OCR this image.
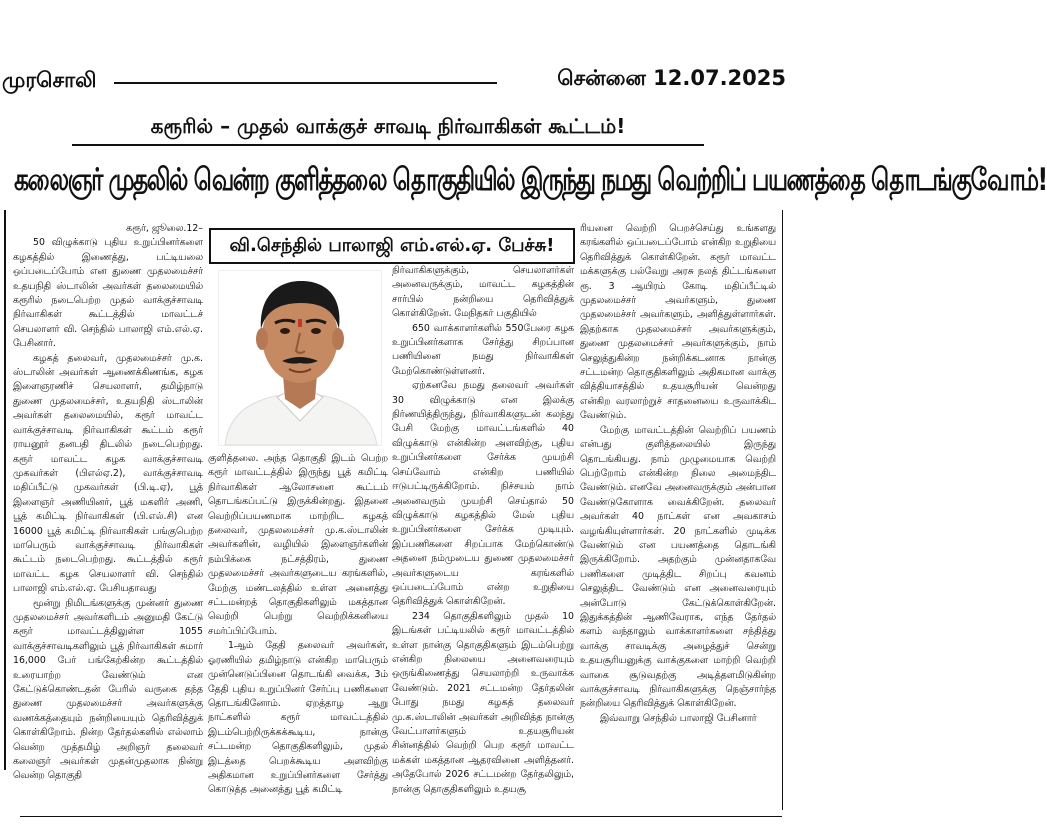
முரசொலி	சென்னை 12.07.2025
கரூரில் – முதல் வாக்குச் சாவடி நிர்வாகிகள் கூட்டம்!
கலைஞர் முதலில் வென்ற குளித்தலை தொகுதியில் இருந்து நமது வெற்றிப் பயணத்தை தொடங்குவோம்!

கரூர், ஜூலை.12–

50 விழுக்காடு புதிய உறுப்பினர்களை கழகத்தில் இணைத்து, பட்டியலை ஒப்படைப்போம் என துணை முதலமைச்சர் உதயநிதி ஸ்டாலின் அவர்கள் தலைமையில் கரூரில் நடைபெற்ற முதல் வாக்குச்சாவடி நிர்வாகிகள் கூட்டத்தில் மாவட்டச் செயலாளர் வி. செந்தில் பாலாஜி எம்.எல்.ஏ. பேசினார்.

கழகத் தலைவர், முதலமைச்சர் மு.க. ஸ்டாலின் அவர்கள் ஆணைக்கிணங்க, கழக இளைஞரணிச் செயலாளர், தமிழ்நாடு துணை முதலமைச்சர், உதயநிதி ஸ்டாலின் அவர்கள் தலைமையில், கரூர் மாவட்ட வாக்குச்சாவடி நிர்வாகிகள் கூட்டம் கரூர் ராயனூர் தனபதி திடலில் நடைபெற்றது. கரூர் மாவட்ட கழக வாக்குச்சாவடி முகவர்கள் (பிஎல்ஏ.2), வாக்குச்சாவடி மதிப்பீட்டு முகவர்கள் (பி.டி.ஏ), பூத் இளைஞர் அணியினர், பூத் மகளிர் அணி, பூத் கமிட்டி நிர்வாகிகள் (பி.எல்.சி) என 16000 பூத் கமிட்டி நிர்வாகிகள் பங்குபெற்ற மாபெரும் வாக்குச்சாவடி நிர்வாகிகள் கூட்டம் நடைபெற்றது. கூட்டத்தில் கரூர் மாவட்ட கழக செயலாளர் வி. செந்தில் பாலாஜி எம்.எல்.ஏ. பேசியதாவது

மூன்று நிமிடங்களுக்கு முன்னர் துணை முதலமைச்சர் அவர்களிடம் அனுமதி கேட்டு கரூர் மாவட்டத்திலுள்ள 1055 வாக்குச்சாவடிகளிலும் பூத் நிர்வாகிகள் சுமார் 16,000 பேர் பங்கேற்கின்ற கூட்டத்தில் உரையாற்ற வேண்டும் என கேட்டுக்கொண்டதன் பேரில் வருகை தந்த துணை முதலமைச்சர் அவர்களுக்கு வணக்கத்தையும் நன்றியையும் தெரிவித்துக் கொள்கிறோம். நின்ற தேர்தல்களில் எல்லாம் வென்ற முத்தமிழ் அறிஞர் தலைவர் கலைஞர் அவர்கள் முதன்முதலாக நின்று வென்ற தொகுதி

வி.செந்தில் பாலாஜி எம்.எல்.ஏ. பேச்சு!

குளித்தலை. அந்த தொகுதி இடம் பெற்ற கரூர் மாவட்டத்தில் இருந்து பூத் கமிட்டி நிர்வாகிகள் ஆலோசனை கூட்டம் தொடங்கப்பட்டு இருக்கின்றது. இதனை வெற்றிப்பயணமாக மாற்றிட கழகத் தலைவர், முதலமைச்சர் மு.க.ஸ்டாலின் அவர்களின், வழியில் இளைஞர்களின் நம்பிக்கை நட்சத்திரம், துணை முதலமைச்சர் அவர்களுடைய கரங்களில், மேற்கு மண்டலத்தில் உள்ள அனைத்து சட்டமன்றத் தொகுதிகளிலும் மகத்தான வெற்றி பெற்று வெற்றிக்கனியை சமர்ப்பிப்போம்.

1ஆம் தேதி தலைவர் அவர்கள், ஓரணியில் தமிழ்நாடு என்கிற மாபெரும் முன்னெடுப்பினை தொடங்கி வைக்க, 3ம் தேதி புதிய உறுப்பினர் சேர்ப்பு பணிகளை தொடங்கினோம். ஏறத்தாழ ஆறு நாட்களில் கரூர் மாவட்டத்தில் இடம்பெற்றிருக்கக்கூடிய, நான்கு சட்டமன்ற தொகுதிகளிலும், முதல் இடத்தை பெறக்கூடிய அளவிற்கு அதிகமான உறுப்பினர்களை சேர்த்து கொடுத்த அனைத்து பூத் கமிட்டி

நிர்வாகிகளுக்கும், செயலாளர்கள் அனைவருக்கும், மாவட்ட கழகத்தின் சார்பில் நன்றியை தெரிவித்துக் கொள்கிறேன். மேநிதகர் பகுதியில்

650 வாக்காளர்களில் 550பேரை கழக உறுப்பினர்களாக சேர்த்து சிறப்பான பணியினை நமது நிர்வாகிகள் மேற்கொண்டுள்ளனர்.

ஏற்கனவே நமது தலைவர் அவர்கள் 30 விழுக்காடு என இலக்கு நிர்ணயித்திருந்து, நிர்வாகிகளுடன் கலந்து பேசி மேற்கு மாவட்டங்களில் 40 விழுக்காடு என்கின்ற அளவிற்கு, புதிய உறுப்பினர்களை சேர்க்க முயற்சி செய்வோம் என்கிற பணியில் ஈடுபட்டிருக்கிறோம். நிச்சயம் நாம் அனைவரும் முயற்சி செய்தால் 50 விழுக்காடு கழகத்தில் மேல் புதிய உறுப்பினர்களை சேர்க்க முடியும். இப்பணிகளை சிறப்பாக மேற்கொண்டு அதனை நம்முடைய துணை முதலமைச்சர் அவர்களுடைய கரங்களில் ஒப்படைப்போம் என்ற உறுதியை தெரிவித்துக் கொள்கிறேன்.

234 தொகுதிகளிலும் முதல் 10 இடங்கள் பட்டியலில் கரூர் மாவட்டத்தில் உள்ள நான்கு தொகுதிகளும் இடம்பெற்று என்கிற நிலையை அனைவரையும் ஒருங்கிணைத்து செயலாற்றி உருவாக்க வேண்டும். 2021 சட்டமன்ற தேர்தலின் போது நமது கழகத் தலைவர் மு.க.ஸ்டாலின் அவர்கள் அறிவித்த நான்கு வேட்பாளர்களும் உதயசூரியன் சின்னத்தில் வெற்றி பெற கரூர் மாவட்ட மக்கள் மகத்தான ஆதரவினை அளித்தனர். அதேபோல் 2026 சட்டமன்ற தேர்தலிலும், நான்கு தொகுதிகளிலும் உதயசூ

ரியனை வெற்றி பெறச்செய்து உங்களது கரங்களில் ஒப்படைப்போம் என்கிற உறுதியை தெரிவித்துக் கொள்கிறேன். கரூர் மாவட்ட மக்களுக்கு பல்வேறு அரசு நலத் திட்டங்களை ரூ. 3 ஆயிரம் கோடி மதிப்பீட்டில் முதலமைச்சர் அவர்களும், துணை முதலமைச்சர் அவர்களும், அளித்துள்ளார்கள். இதற்காக முதலமைச்சர் அவர்களுக்கும், துணை முதலமைச்சர் அவர்களுக்கும், நாம் செலுத்துகின்ற நன்றிக்கடனாக நான்கு சட்டமன்ற தொகுதிகளிலும் அதிகமான வாக்கு வித்தியாசத்தில் உதயசூரியன் வென்றது என்கிற வரலாற்றுச் சாதனையை உருவாக்கிட வேண்டும்.

மேற்கு மாவட்டத்தின் வெற்றிப் பயணம் என்பது குளித்தலையில் இருந்து தொடங்கியது. நாம் முழுமையாக வெற்றி பெற்றோம் என்கின்ற நிலை அமைந்திட வேண்டும். எனவே அனைவருக்கும் அன்பான வேண்டுகோளாக வைக்கிறேன். தலைவர் அவர்கள் 40 நாட்கள் என அவகாசம் வழங்கியுள்ளார்கள். 20 நாட்களில் முடிக்க வேண்டும் என பயணத்தை தொடங்கி இருக்கிறோம். அதற்கும் முன்னதாகவே பணிகளை முடித்திட சிறப்பு கவனம் செலுத்திட வேண்டும் என அனைவரையும் அன்போடு கேட்டுக்கொள்கிறேன். இதுக்கத்தின் ஆணிவேராக, எந்த தேர்தல் களம் வந்தாலும் வாக்காளர்களை சந்தித்து வாக்கு சாவடிக்கு அழைத்துச் சென்று உதயசூரியனுக்கு வாக்குகளை மாற்றி வெற்றி வாகை சூடுவதற்கு அடித்தளமிடுகின்ற வாக்குச்சாவடி நிர்வாகிகளுக்கு நெஞ்சார்ந்த நன்றியை தெரிவித்துக் கொள்கிறேன்.

இவ்வாறு செந்தில் பாலாஜி பேசினார்
